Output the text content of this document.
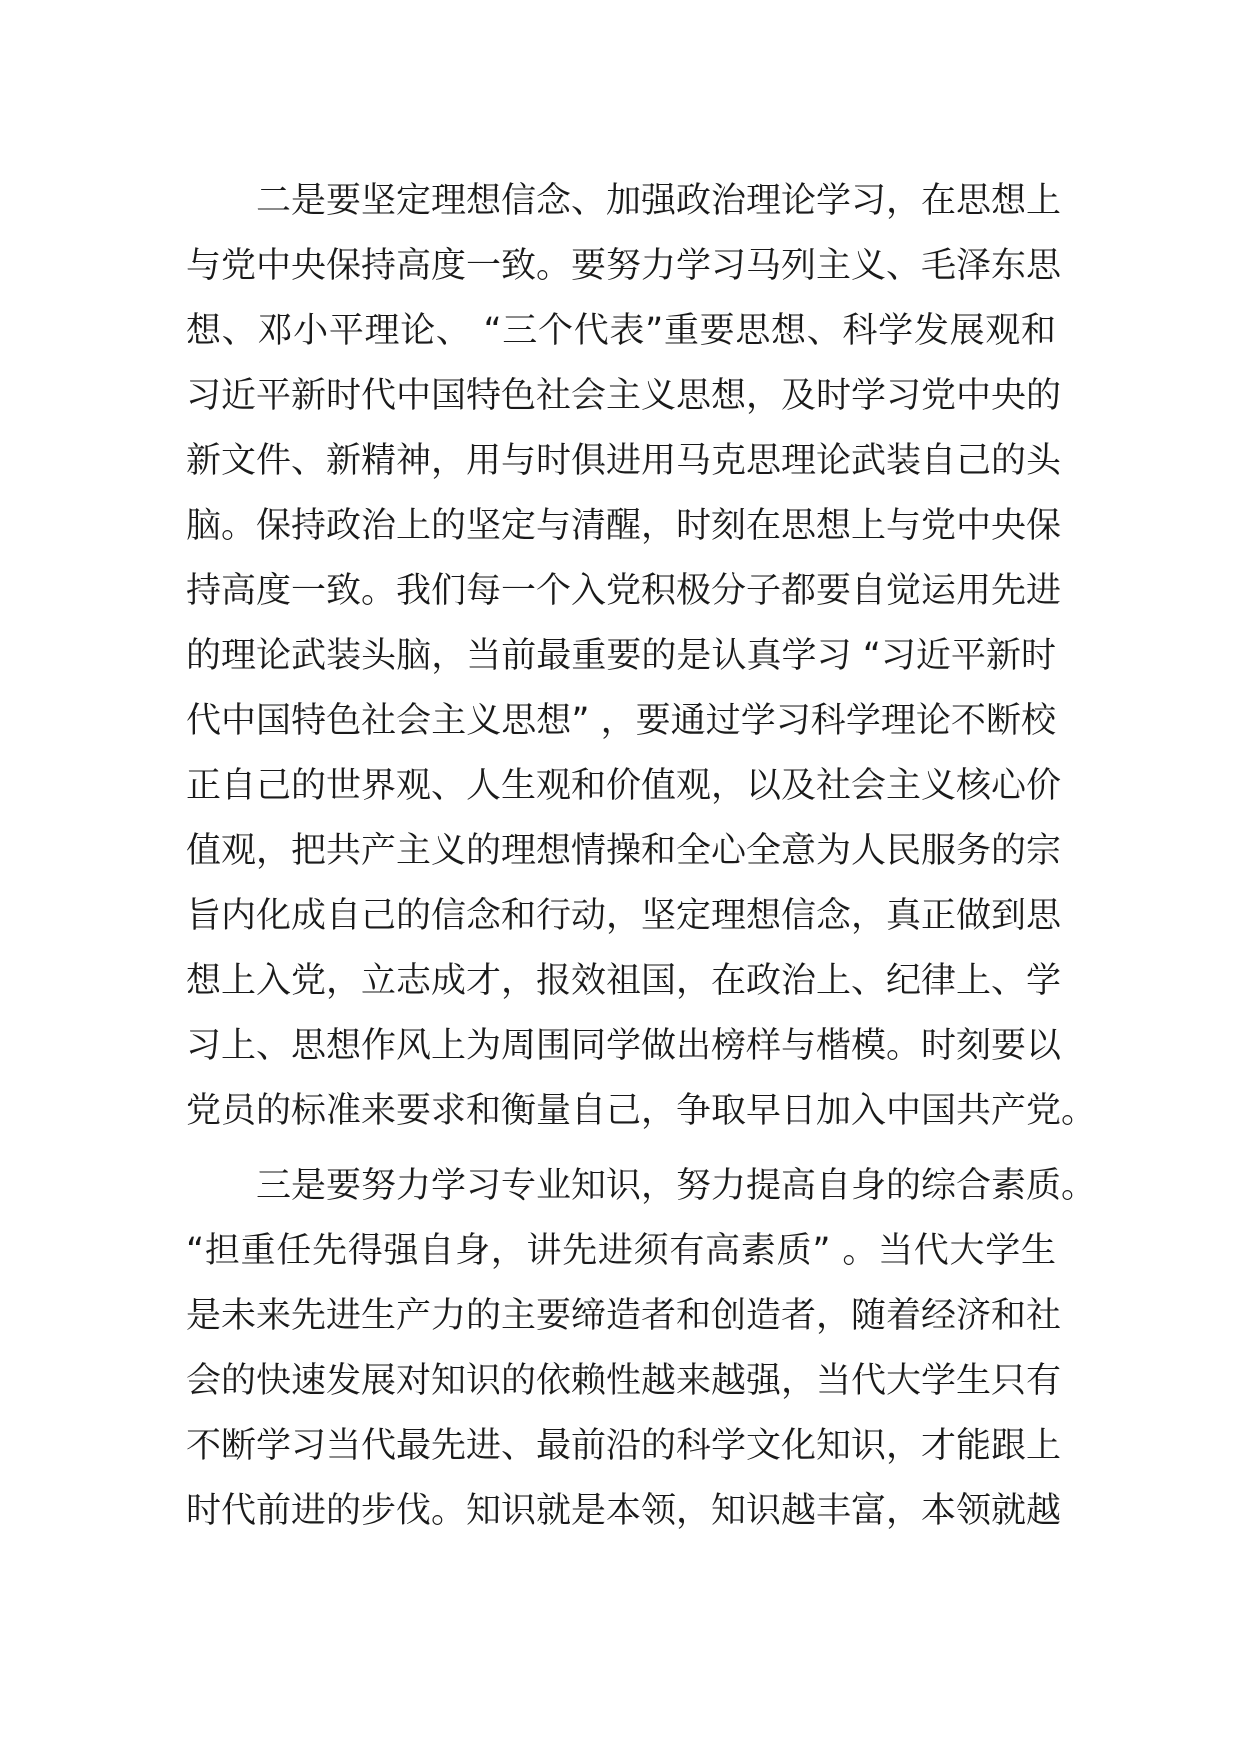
二是要坚定理想信念、加强政治理论学习，在思想上
与党中央保持高度一致。要努力学习马列主义、毛泽东思
想、邓小平理论、 “三个代表”重要思想、科学发展观和
习近平新时代中国特色社会主义思想，及时学习党中央的
新文件、新精神，用与时俱进用马克思理论武装自己的头
脑。保持政治上的坚定与清醒，时刻在思想上与党中央保
持高度一致。我们每一个入党积极分子都要自觉运用先进
的理论武装头脑，当前最重要的是认真学习 “习近平新时
代中国特色社会主义思想” ，要通过学习科学理论不断校
正自己的世界观、人生观和价值观，以及社会主义核心价
值观，把共产主义的理想情操和全心全意为人民服务的宗
旨内化成自己的信念和行动，坚定理想信念，真正做到思
想上入党，立志成才，报效祖国，在政治上、纪律上、学
习上、思想作风上为周围同学做出榜样与楷模。时刻要以
党员的标准来要求和衡量自己，争取早日加入中国共产党。
三是要努力学习专业知识，努力提高自身的综合素质。
“担重任先得强自身，讲先进须有高素质” 。当代大学生
是未来先进生产力的主要缔造者和创造者，随着经济和社
会的快速发展对知识的依赖性越来越强，当代大学生只有
不断学习当代最先进、最前沿的科学文化知识，才能跟上
时代前进的步伐。知识就是本领，知识越丰富，本领就越
